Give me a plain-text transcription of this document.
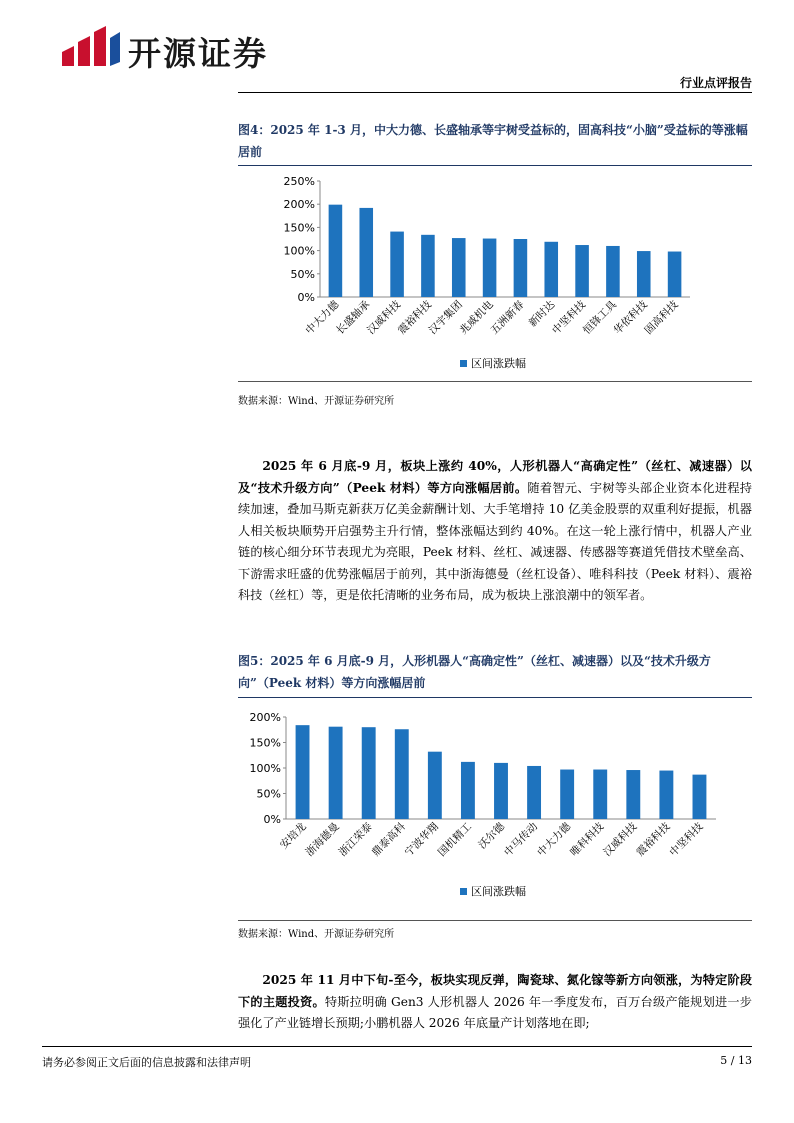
开源证券
行业点评报告
图4：2025 年 1-3 月，中大力德、长盛轴承等宇树受益标的，固高科技“小脑”受益标的等涨幅居前
0%
50%
100%
150%
200%
250%
中大力德
长盛轴承
汉威科技
震裕科技
汉宇集团
兆威机电
五洲新春 新时达
中坚科技
恒锋工具
华依科技
固高科技
区间涨跌幅
数据来源：Wind、开源证券研究所

2025 年 6 月底-9 月，板块上涨约 40%，人形机器人“高确定性”（丝杠、减速器）以及“技术升级方向”（Peek 材料）等方向涨幅居前。随着智元、宇树等头部企业资本化进程持续加速，叠加马斯克新获万亿美金薪酬计划、大手笔增持 10 亿美金股票的双重利好提振，机器人相关板块顺势开启强势主升行情，整体涨幅达到约 40%。在这一轮上涨行情中，机器人产业链的核心细分环节表现尤为亮眼，Peek 材料、丝杠、减速器、传感器等赛道凭借技术壁垒高、下游需求旺盛的优势涨幅居于前列，其中浙海德曼（丝杠设备）、唯科科技（Peek 材料）、震裕科技（丝杠）等，更是依托清晰的业务布局，成为板块上涨浪潮中的领军者。

图5：2025 年 6 月底-9 月，人形机器人“高确定性”（丝杠、减速器）以及“技术升级方向”（Peek 材料）等方向涨幅居前
0%
50%
100%
150%
200%
安培龙
浙海德曼
浙江荣泰
鼎泰高科
宁波华翔
国机精工 沃尔德
中马传动
中大力德
唯科科技
汉威科技
震裕科技
中坚科技
区间涨跌幅
数据来源：Wind、开源证券研究所

2025 年 11 月中下旬-至今，板块实现反弹，陶瓷球、氮化镓等新方向领涨，为特定阶段下的主题投资。特斯拉明确 Gen3 人形机器人 2026 年一季度发布，百万台级产能规划进一步强化了产业链增长预期;小鹏机器人 2026 年底量产计划落地在即;

请务必参阅正文后面的信息披露和法律声明	5 / 13
